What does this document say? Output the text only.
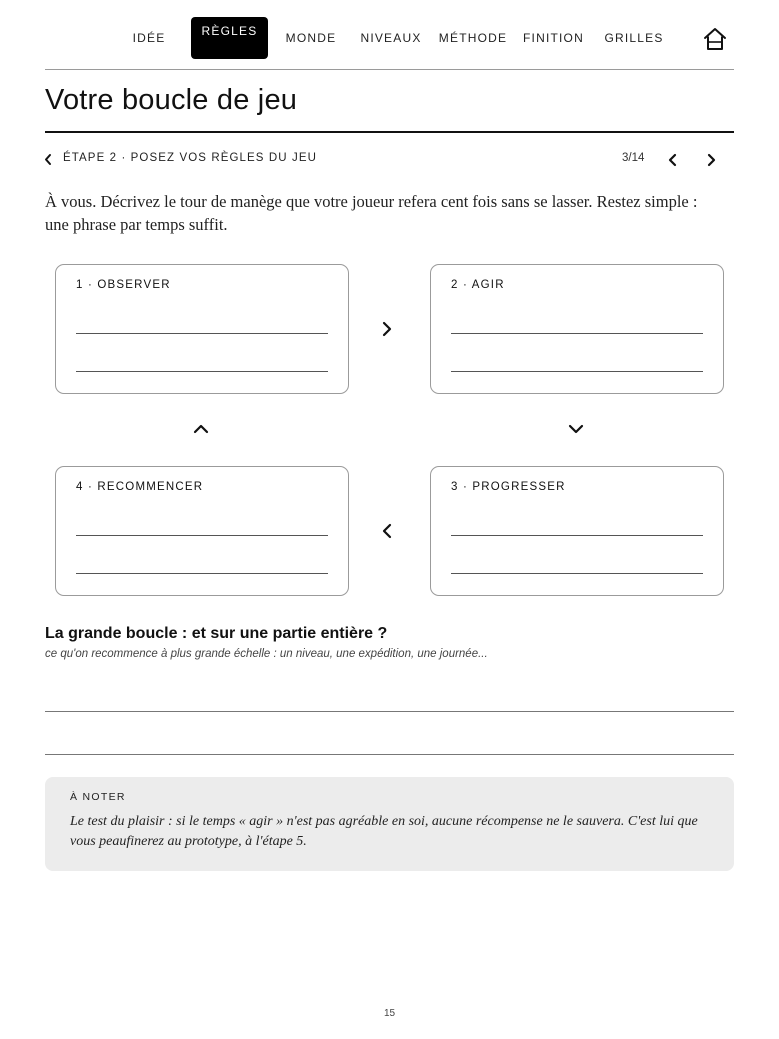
IDÉE	RÈGLES MONDE NIVEAUX MÉTHODE FINITION GRILLES
Votre boucle de jeu
ÉTAPE 2 · POSEZ VOS RÈGLES DU JEU	3/14

À vous. Décrivez le tour de manège que votre joueur refera cent fois sans se lasser. Restez simple : une phrase par temps suffit.

1 · OBSERVER	2 · AGIR
3 · PROGRESSER
4 · RECOMMENCER
La grande boucle : et sur une partie entière ?
ce qu'on recommence à plus grande échelle : un niveau, une expédition, une journée...
À NOTER

Le test du plaisir : si le temps « agir » n'est pas agréable en soi, aucune récompense ne le sauvera. C'est lui que vous peaufinerez au prototype, à l'étape 5.

15
